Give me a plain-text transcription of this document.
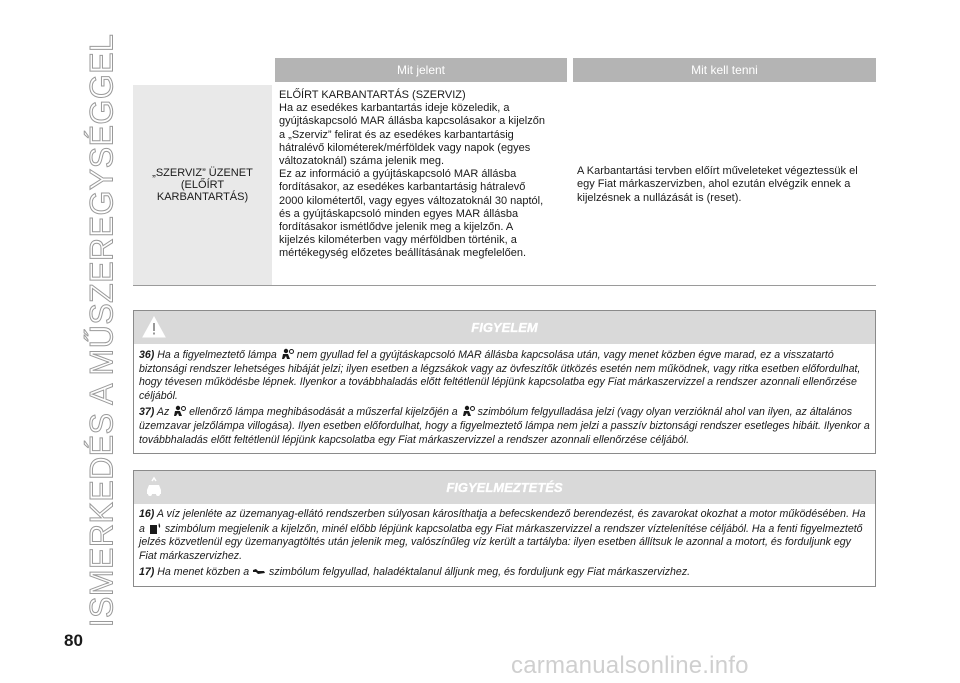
ISMERKEDÉS A MŰSZEREGYSÉGGEL	Mit jelent	Mit kell tenni
„SZERVIZ” ÜZENET (ELŐÍRT KARBANTARTÁS)

ELŐÍRT KARBANTARTÁS (SZERVIZ)

Ha az esedékes karbantartás ideje közeledik, a

gyújtáskapcsoló MAR állásba kapcsolásakor a kijelzőn

a „Szerviz” felirat és az esedékes karbantartásig

hátralévő kilométerek/mérföldek vagy napok (egyes

változatoknál) száma jelenik meg.

Ez az információ a gyújtáskapcsoló MAR állásba

fordításakor, az esedékes karbantartásig hátralevő

2000 kilométertől, vagy egyes változatoknál 30 naptól,

és a gyújtáskapcsoló minden egyes MAR állásba

fordításakor ismétlődve jelenik meg a kijelzőn. A

kijelzés kilométerben vagy mérföldben történik, a

mértékegység előzetes beállításának megfelelően.

A Karbantartási tervben előírt műveleteket végeztessük el egy Fiat márkaszervizben, ahol ezután elvégzik ennek a kijelzésnek a nullázását is (reset).
FIGYELEM

36) Ha a figyelmeztető lámpa nem gyullad fel a gyújtáskapcsoló MAR állásba kapcsolása után, vagy menet közben égve marad, ez a visszatartó biztonsági rendszer lehetséges hibáját jelzi; ilyen esetben a légzsákok vagy az övfeszítők ütközés esetén nem működnek, vagy ritka esetben előfordulhat, hogy tévesen működésbe lépnek. Ilyenkor a továbbhaladás előtt feltétlenül lépjünk kapcsolatba egy Fiat márkaszervizzel a rendszer azonnali ellenőrzése céljából.

37) Az ellenőrző lámpa meghibásodását a műszerfal kijelzőjén a szimbólum felgyulladása jelzi (vagy olyan verzióknál ahol van ilyen, az általános üzemzavar jelzőlámpa villogása). Ilyen esetben előfordulhat, hogy a figyelmeztető lámpa nem jelzi a passzív biztonsági rendszer esetleges hibáit. Ilyenkor a továbbhaladás előtt feltétlenül lépjünk kapcsolatba egy Fiat márkaszervizzel a rendszer azonnali ellenőrzése céljából.

FIGYELMEZTETÉS

16) A víz jelenléte az üzemanyag-ellátó rendszerben súlyosan károsíthatja a befecskendező berendezést, és zavarokat okozhat a motor működésében. Ha a szimbólum megjelenik a kijelzőn, minél előbb lépjünk kapcsolatba egy Fiat márkaszervizzel a rendszer víztelenítése céljából. Ha a fenti figyelmeztető jelzés közvetlenül egy üzemanyagtöltés után jelenik meg, valószínűleg víz került a tartályba: ilyen esetben állítsuk le azonnal a motort, és forduljunk egy Fiat márkaszervizhez.

17) Ha menet közben a szimbólum felgyullad, haladéktalanul álljunk meg, és forduljunk egy Fiat márkaszervizhez.

80
carmanualsonline.info
